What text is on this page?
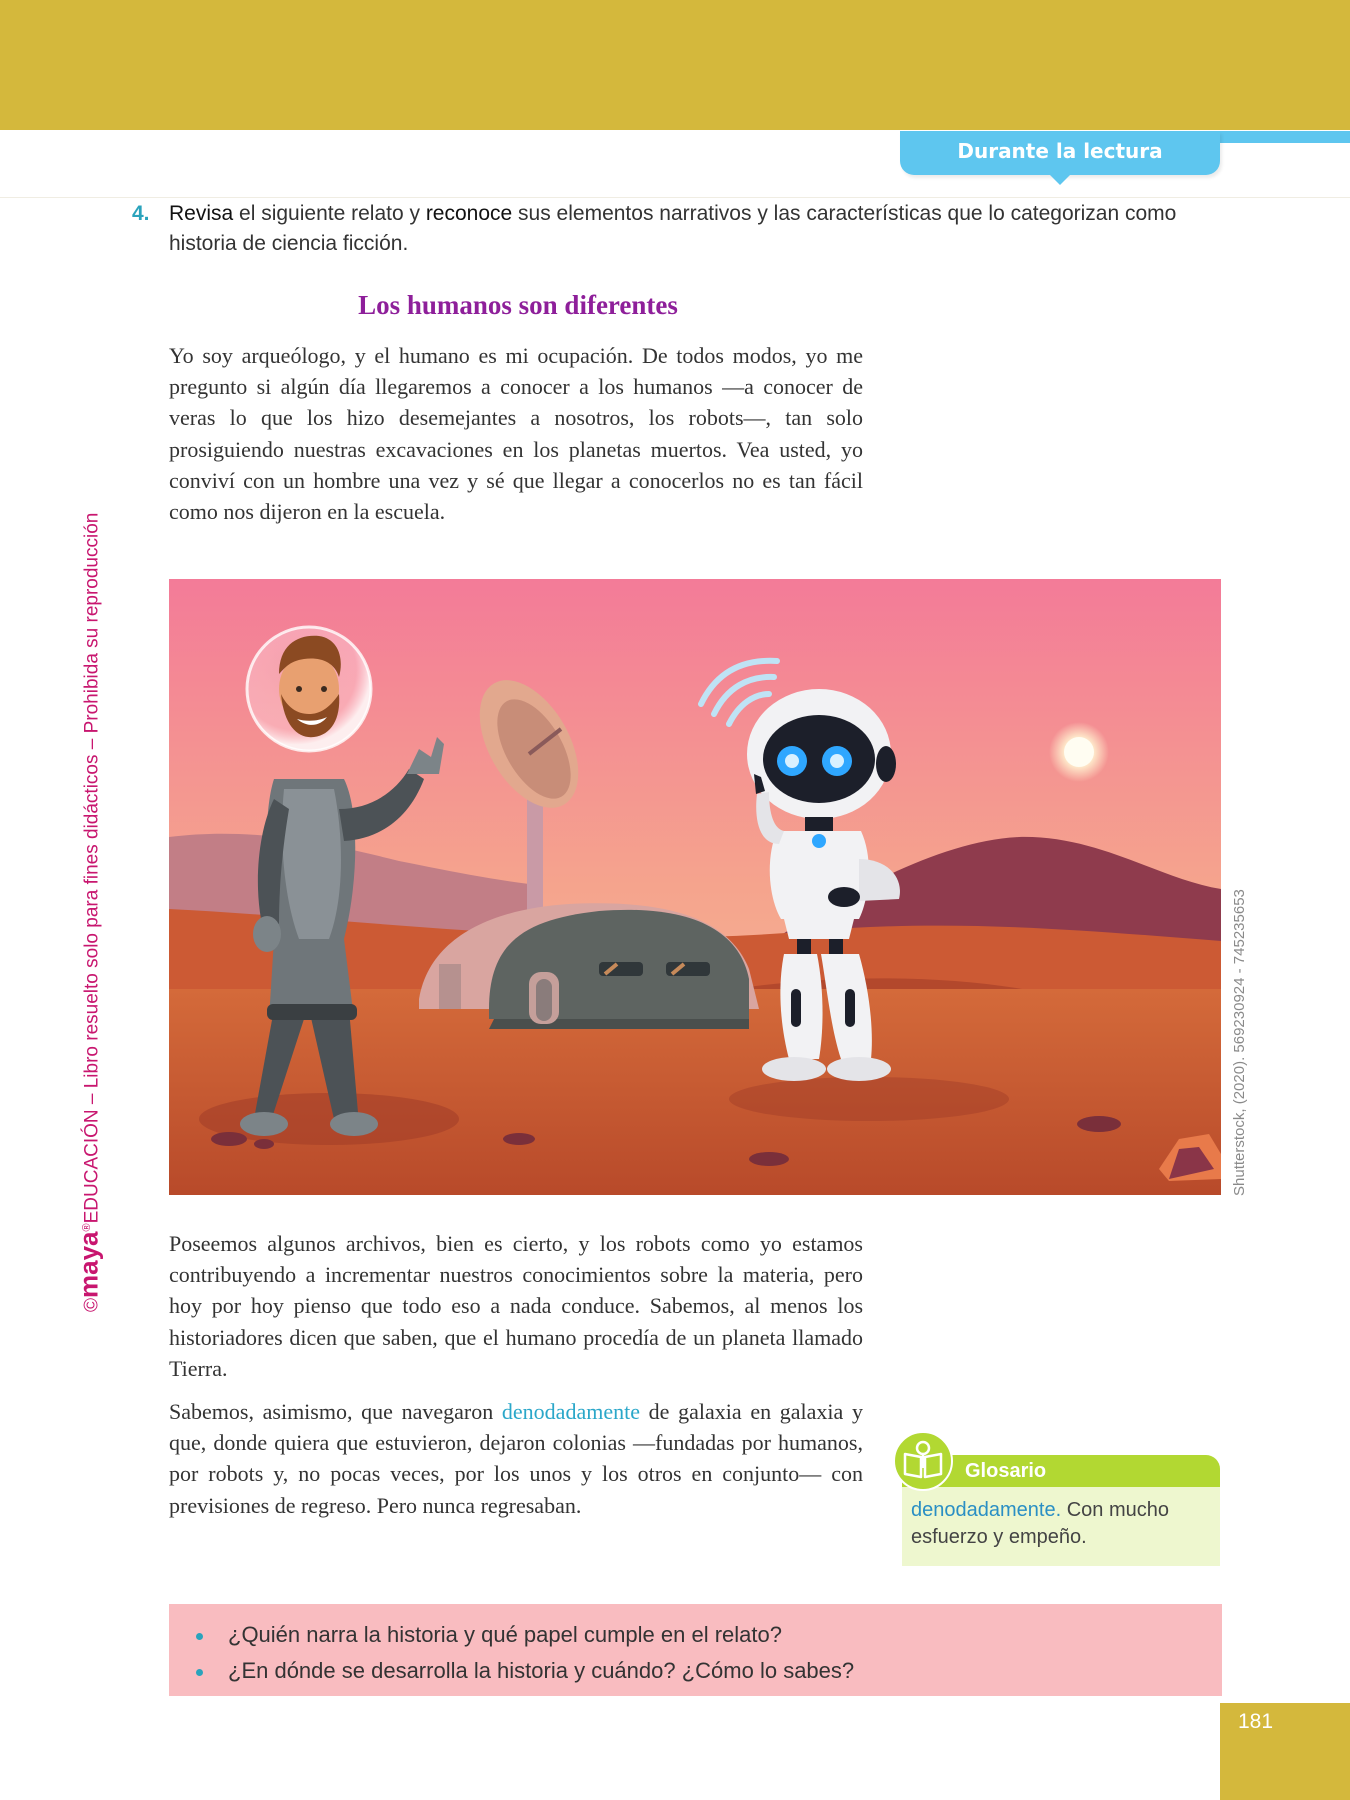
Durante la lectura
©maya®EDUCACIÓN – Libro resuelto solo para fines didácticos – Prohibida su reproducción
4. Revisa el siguiente relato y reconoce sus elementos narrativos y las características que lo categorizan como historia de ciencia ficción.
Los humanos son diferentes

Yo soy arqueólogo, y el humano es mi ocupación. De todos modos, yo me pregunto si algún día llegaremos a conocer a los humanos —a conocer de veras lo que los hizo desemejantes a nosotros, los robots—, tan solo prosiguiendo nuestras excavaciones en los planetas muertos. Vea usted, yo conviví con un hombre una vez y sé que llegar a conocerlos no es tan fácil como nos dijeron en la escuela.

Shutterstock, (2020). 569230924 - 745235653

Poseemos algunos archivos, bien es cierto, y los robots como yo estamos contribuyendo a incrementar nuestros conocimientos sobre la materia, pero hoy por hoy pienso que todo eso a nada conduce. Sabemos, al menos los historiadores dicen que saben, que el humano procedía de un planeta llamado Tierra.

Sabemos, asimismo, que navegaron denodadamente de galaxia en galaxia y que, donde quiera que estuvieron, dejaron colonias —fundadas por humanos, por robots y, no pocas veces, por los unos y los otros en conjunto— con previsiones de regreso. Pero nunca regresaban.

Glosario
denodadamente. Con mucho esfuerzo y empeño.
¿Quién narra la historia y qué papel cumple en el relato?
¿En dónde se desarrolla la historia y cuándo? ¿Cómo lo sabes?
181
